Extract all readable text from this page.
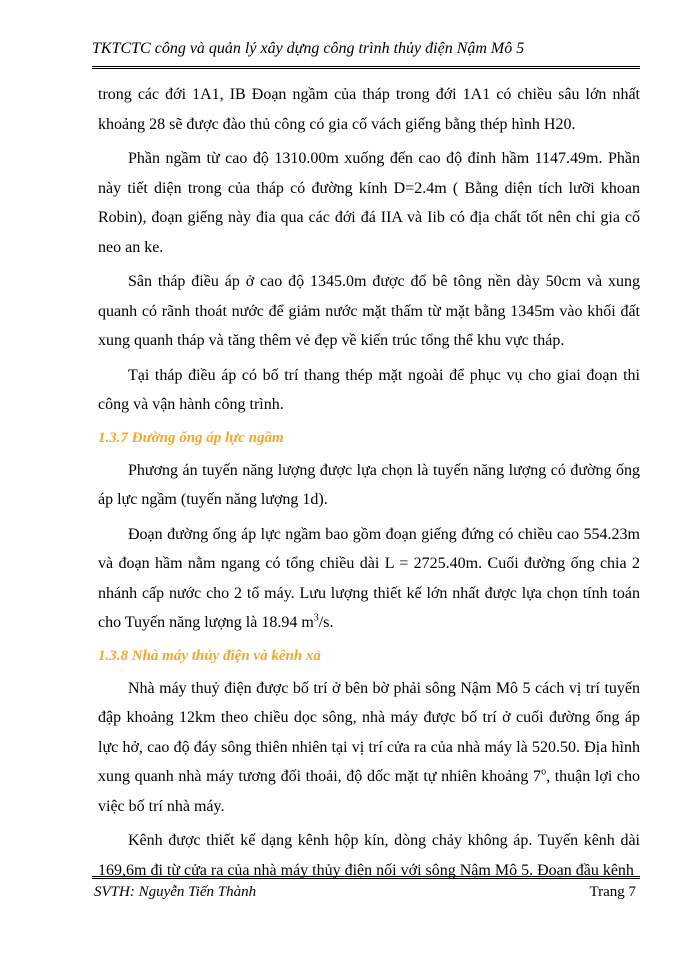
TKTCTC công và quản lý xây dựng công trình thủy điện Nậm Mô 5

trong các đới 1A1, IB Đoạn ngầm của tháp trong đới 1A1 có chiều sâu lớn nhất khoảng 28 sẽ được đào thủ công có gia cố vách giếng bằng thép hình H20.

Phần ngầm từ cao độ 1310.00m xuống đến cao độ đỉnh hầm 1147.49m. Phần này tiết diện trong của tháp có đường kính D=2.4m ( Bằng diện tích lưỡi khoan Robin), đoạn giếng này đia qua các đới đá IIA và Iib có địa chất tốt nên chỉ gia cố neo an ke.

Sân tháp điều áp ở cao độ 1345.0m được đổ bê tông nền dày 50cm và xung quanh có rãnh thoát nước để giảm nước mặt thấm từ mặt bằng 1345m vào khối đất xung quanh tháp và tăng thêm vẻ đẹp về kiến trúc tổng thể khu vực tháp.

Tại tháp điều áp có bố trí thang thép mặt ngoài để phục vụ cho giai đoạn thi công và vận hành công trình.

1.3.7 Đường ống áp lực ngầm

Phương án tuyến năng lượng được lựa chọn là tuyến năng lượng có đường ống áp lực ngầm (tuyến năng lượng 1d).

Đoạn đường ống áp lực ngầm bao gồm đoạn giếng đứng có chiều cao 554.23m và đoạn hầm nằm ngang có tổng chiều dài L = 2725.40m. Cuối đường ống chia 2 nhánh cấp nước cho 2 tổ máy. Lưu lượng thiết kế lớn nhất được lựa chọn tính toán cho Tuyến năng lượng là 18.94 $m^3/s$.

1.3.8 Nhà máy thủy điện và kênh xả

Nhà máy thuỷ điện được bố trí ở bên bờ phải sông Nậm Mô 5 cách vị trí tuyến đập khoảng 12km theo chiều dọc sông, nhà máy được bố trí ở cuối đường ống áp lực hở, cao độ đáy sông thiên nhiên tại vị trí cửa ra của nhà máy là 520.50. Địa hình xung quanh nhà máy tương đối thoải, độ dốc mặt tự nhiên khoảng 7$^o$, thuận lợi cho việc bố trí nhà máy.

Kênh được thiết kế dạng kênh hộp kín, dòng chảy không áp. Tuyến kênh dài 169,6m đi từ cửa ra của nhà máy thủy điện nối với sông Nậm Mô 5. Đoạn đầu kênh

SVTH: Nguyễn Tiến Thành	Trang 7
